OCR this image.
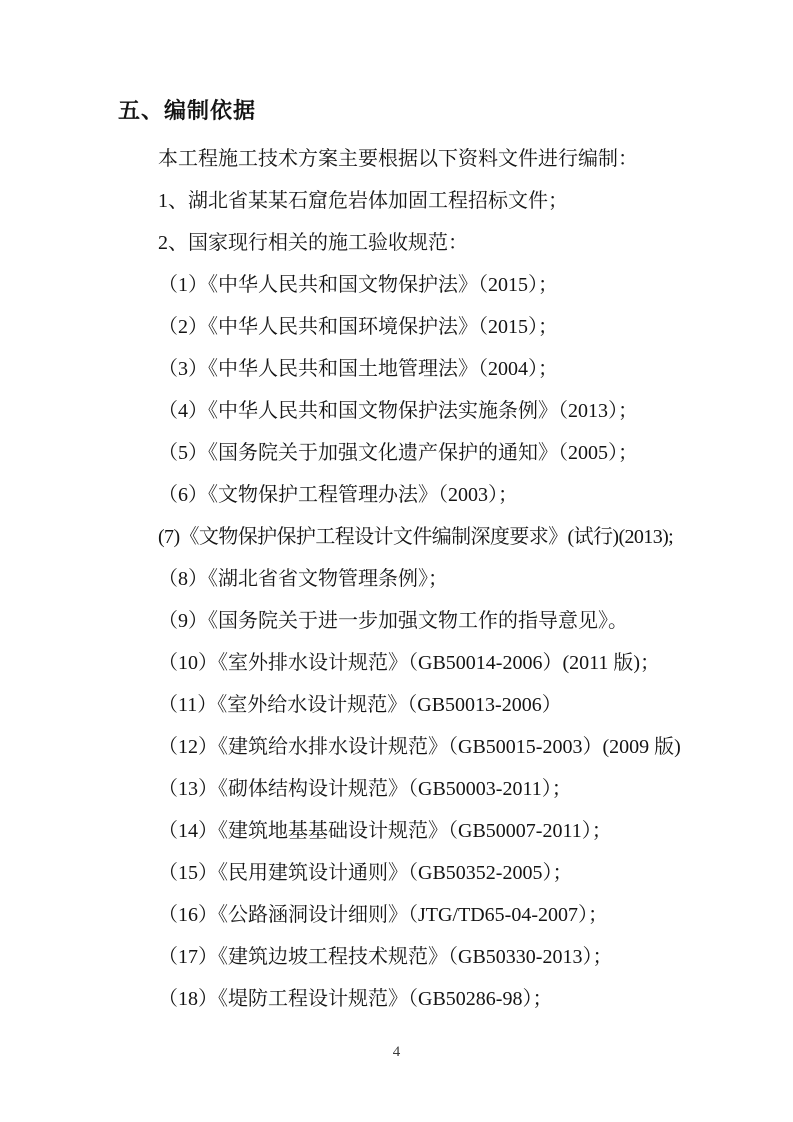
五、编制依据

本工程施工技术方案主要根据以下资料文件进行编制：

1、湖北省某某石窟危岩体加固工程招标文件；

2、国家现行相关的施工验收规范：

（1）《中华人民共和国文物保护法》（2015）；

（2）《中华人民共和国环境保护法》（2015）；

（3）《中华人民共和国土地管理法》（2004）；

（4）《中华人民共和国文物保护法实施条例》（2013）；

（5）《国务院关于加强文化遗产保护的通知》（2005）；

（6）《文物保护工程管理办法》（2003）；

(7)《文物保护保护工程设计文件编制深度要求》(试行)(2013);

（8）《湖北省省文物管理条例》；

（9）《国务院关于进一步加强文物工作的指导意见》。

（10）《室外排水设计规范》（GB50014-2006）(2011 版)；

（11）《室外给水设计规范》（GB50013-2006）

（12）《建筑给水排水设计规范》（GB50015-2003）(2009 版)

（13）《砌体结构设计规范》（GB50003-2011）；

（14）《建筑地基基础设计规范》（GB50007-2011）；

（15）《民用建筑设计通则》（GB50352-2005）；

（16）《公路涵洞设计细则》（JTG/TD65-04-2007）；

（17）《建筑边坡工程技术规范》（GB50330-2013）；

（18）《堤防工程设计规范》（GB50286-98）；

4
